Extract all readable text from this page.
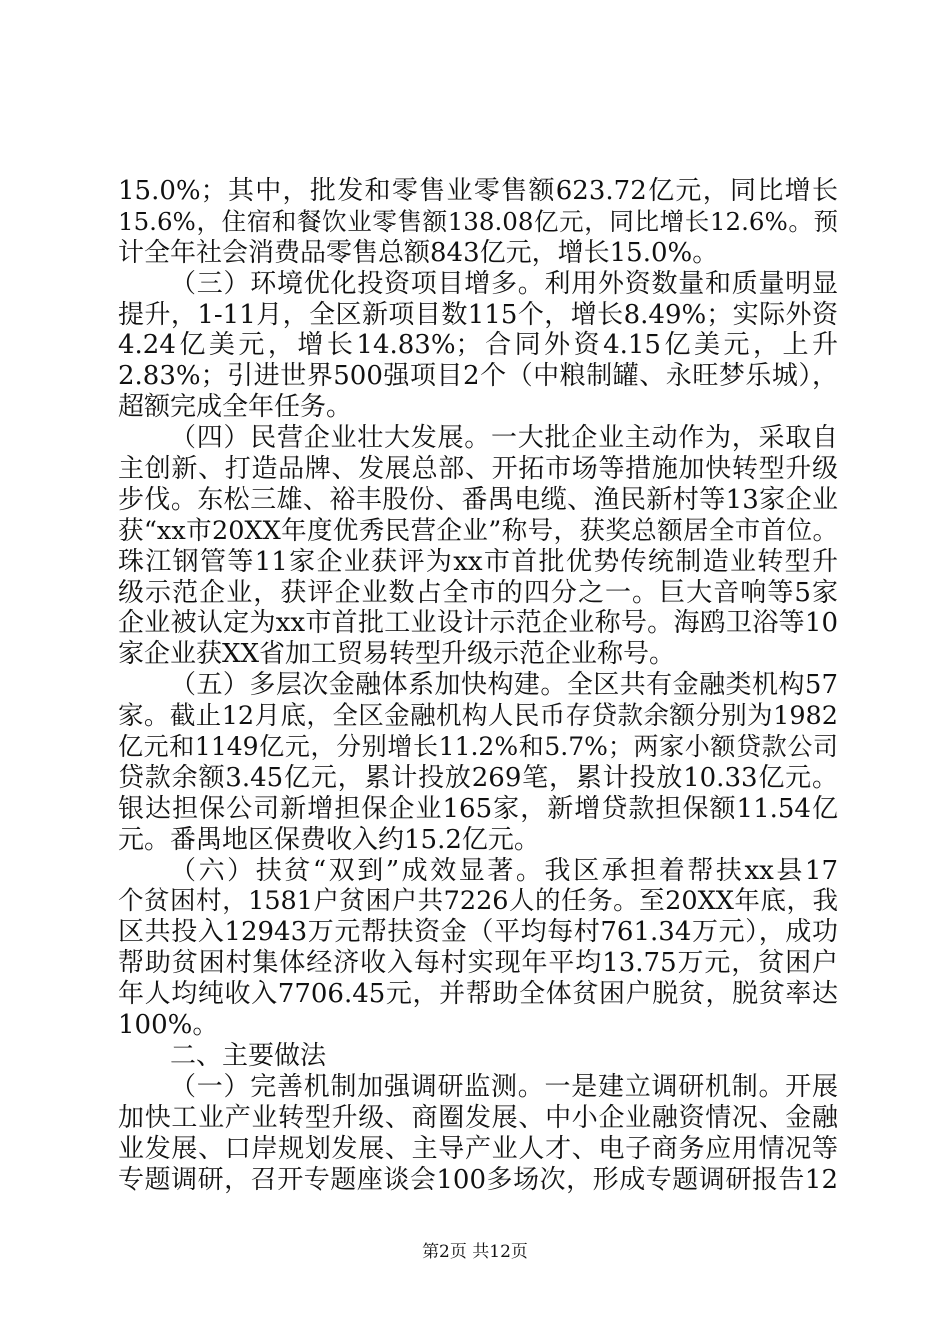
15.0%；其中，批发和零售业零售额623.72亿元，同比增长
15.6%，住宿和餐饮业零售额138.08亿元，同比增长12.6%。预
计全年社会消费品零售总额843亿元，增长15.0%。
（三）环境优化投资项目增多。利用外资数量和质量明显
提升，1-11月，全区新项目数115个，增长8.49%；实际外资
4.24亿美元，增长14.83%；合同外资4.15亿美元，上升
2.83%；引进世界500强项目2个（中粮制罐、永旺梦乐城），
超额完成全年任务。
（四）民营企业壮大发展。一大批企业主动作为，采取自
主创新、打造品牌、发展总部、开拓市场等措施加快转型升级
步伐。东松三雄、裕丰股份、番禺电缆、渔民新村等13家企业
获“xx市20XX年度优秀民营企业”称号，获奖总额居全市首位。
珠江钢管等11家企业获评为xx市首批优势传统制造业转型升
级示范企业，获评企业数占全市的四分之一。巨大音响等5家
企业被认定为xx市首批工业设计示范企业称号。海鸥卫浴等10
家企业获XX省加工贸易转型升级示范企业称号。
（五）多层次金融体系加快构建。全区共有金融类机构57
家。截止12月底，全区金融机构人民币存贷款余额分别为1982
亿元和1149亿元，分别增长11.2%和5.7%；两家小额贷款公司
贷款余额3.45亿元，累计投放269笔，累计投放10.33亿元。
银达担保公司新增担保企业165家，新增贷款担保额11.54亿
元。番禺地区保费收入约15.2亿元。
（六）扶贫“双到”成效显著。我区承担着帮扶xx县17
个贫困村，1581户贫困户共7226人的任务。至20XX年底，我
区共投入12943万元帮扶资金（平均每村761.34万元），成功
帮助贫困村集体经济收入每村实现年平均13.75万元，贫困户
年人均纯收入7706.45元，并帮助全体贫困户脱贫，脱贫率达
100%。
二、主要做法
（一）完善机制加强调研监测。一是建立调研机制。开展
加快工业产业转型升级、商圈发展、中小企业融资情况、金融
业发展、口岸规划发展、主导产业人才、电子商务应用情况等
专题调研，召开专题座谈会100多场次，形成专题调研报告12
第2页 共12页
